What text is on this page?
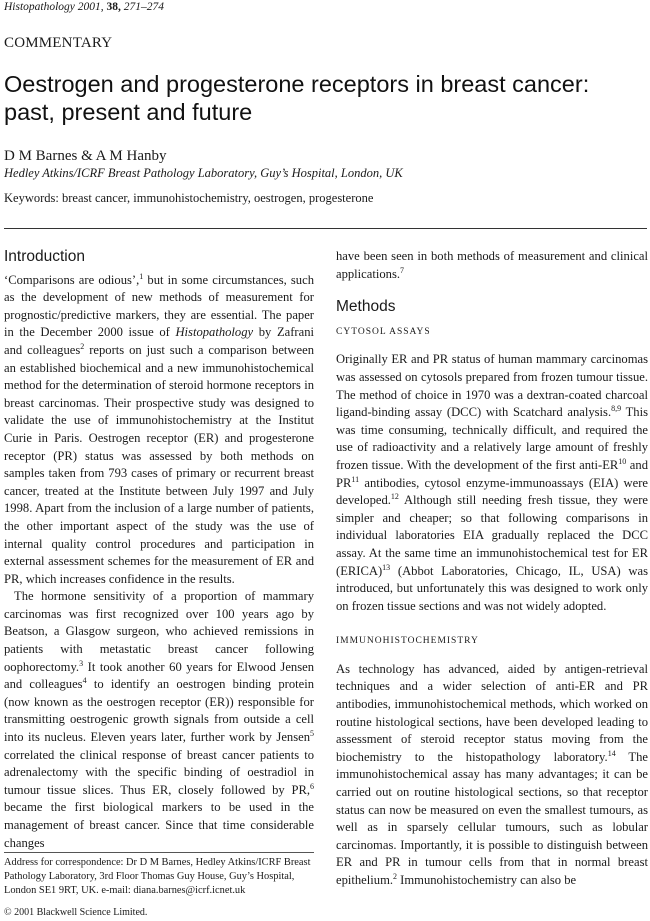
Histopathology 2001, 38, 271–274
COMMENTARY
Oestrogen and progesterone receptors in breast cancer:
past, present and future
D M Barnes & A M Hanby
Hedley Atkins/ICRF Breast Pathology Laboratory, Guy’s Hospital, London, UK
Keywords: breast cancer, immunohistochemistry, oestrogen, progesterone
Introduction

‘Comparisons are odious’,$^1$ but in some circumstances, such as the development of new methods of measurement for prognostic/predictive markers, they are essential. The paper in the December 2000 issue of Histopathology by Zafrani and colleagues$^2$ reports on just such a comparison between an established biochemical and a new immunohistochemical method for the determination of steroid hormone receptors in breast carcinomas. Their prospective study was designed to validate the use of immunohistochemistry at the Institut Curie in Paris. Oestrogen receptor (ER) and progesterone receptor (PR) status was assessed by both methods on samples taken from 793 cases of primary or recurrent breast cancer, treated at the Institute between July 1997 and July 1998. Apart from the inclusion of a large number of patients, the other important aspect of the study was the use of internal quality control procedures and participation in external assessment schemes for the measurement of ER and PR, which increases confidence in the results.

The hormone sensitivity of a proportion of mammary carcinomas was first recognized over 100 years ago by Beatson, a Glasgow surgeon, who achieved remissions in patients with metastatic breast cancer following oophorectomy.$^3$ It took another 60 years for Elwood Jensen and colleagues$^4$ to identify an oestrogen binding protein (now known as the oestrogen receptor (ER)) responsible for transmitting oestrogenic growth signals from outside a cell into its nucleus. Eleven years later, further work by Jensen$^5$ correlated the clinical response of breast cancer patients to adrenalectomy with the specific binding of oestradiol in tumour tissue slices. Thus ER, closely followed by PR,$^6$ became the first biological markers to be used in the management of breast cancer. Since that time considerable changes

Address for correspondence: Dr D M Barnes, Hedley Atkins/ICRF Breast Pathology Laboratory, 3rd Floor Thomas Guy House, Guy’s Hospital, London SE1 9RT, UK. e-mail: diana.barnes@icrf.icnet.uk
© 2001 Blackwell Science Limited.

have been seen in both methods of measurement and clinical applications.$^7$

Methods
CYTOSOL ASSAYS

Originally ER and PR status of human mammary carcinomas was assessed on cytosols prepared from frozen tumour tissue. The method of choice in 1970 was a dextran-coated charcoal ligand-binding assay (DCC) with Scatchard analysis.$^{8,9}$ This was time consuming, technically difficult, and required the use of radioactivity and a relatively large amount of freshly frozen tissue. With the development of the first anti-ER$^{10}$ and PR$^{11}$ antibodies, cytosol enzyme-immunoassays (EIA) were developed.$^{12}$ Although still needing fresh tissue, they were simpler and cheaper; so that following comparisons in individual laboratories EIA gradually replaced the DCC assay. At the same time an immunohistochemical test for ER (ERICA)$^{13}$ (Abbot Laboratories, Chicago, IL, USA) was introduced, but unfortunately this was designed to work only on frozen tissue sections and was not widely adopted.

IMMUNOHISTOCHEMISTRY

As technology has advanced, aided by antigen-retrieval techniques and a wider selection of anti-ER and PR antibodies, immunohistochemical methods, which worked on routine histological sections, have been developed leading to assessment of steroid receptor status moving from the biochemistry to the histopathology laboratory.$^{14}$ The immunohistochemical assay has many advantages; it can be carried out on routine histological sections, so that receptor status can now be measured on even the smallest tumours, as well as in sparsely cellular tumours, such as lobular carcinomas. Importantly, it is possible to distinguish between ER and PR in tumour cells from that in normal breast epithelium.$^2$ Immunohistochemistry can also be
